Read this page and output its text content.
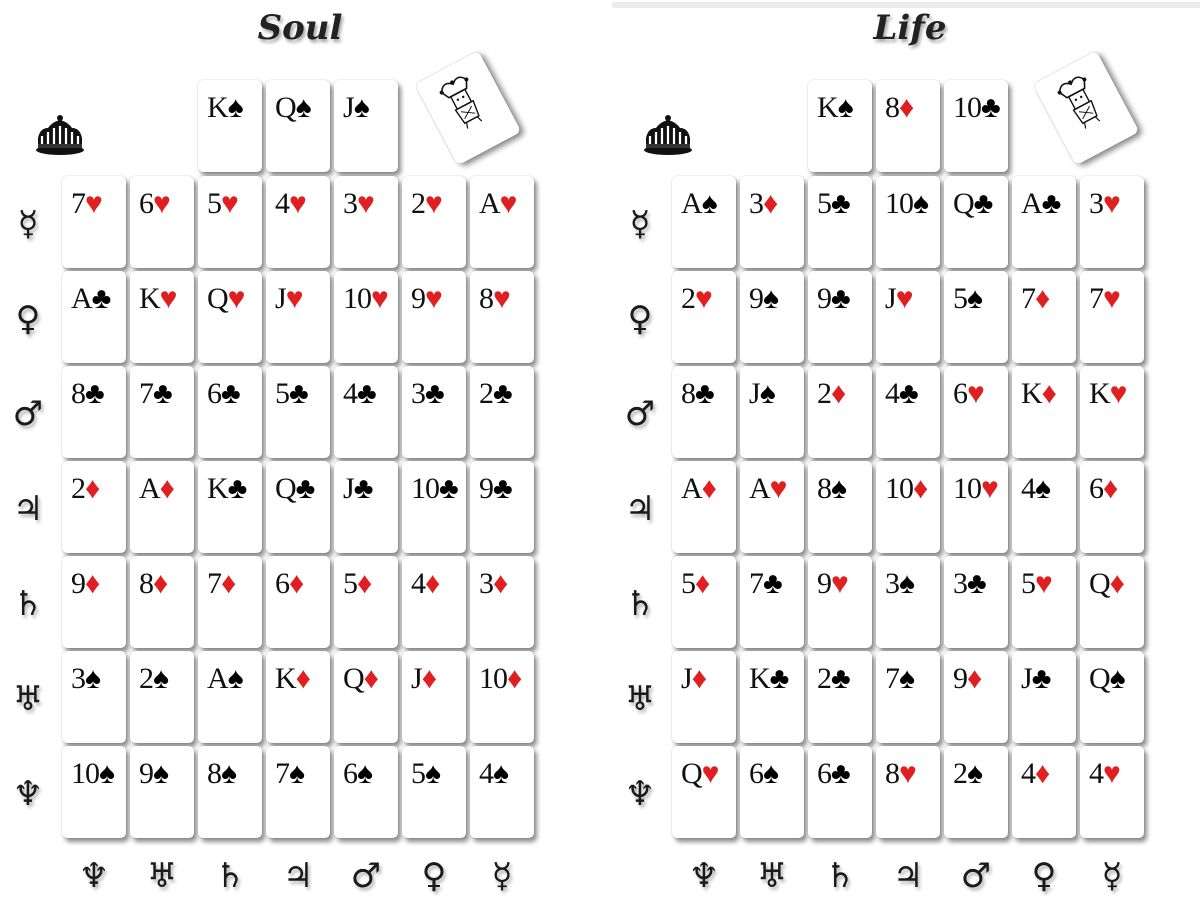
Soul
K♠	Q♠	J♠
7♥	6♥	5♥	4♥	3♥	2♥	A♥
A♣ K♥	Q♥	J♥	10♥ 9♥	8♥
8♣	7♣	6♣	5♣	4♣	3♣	2♣
2♦	A♦	K♣ Q♣ J♣	10♣ 9♣
9♦	8♦	7♦	6♦	5♦	4♦	3♦
3♠	2♠	A♠	K♦	Q♦	J♦	10♦
10♠ 9♠	8♠	7♠	6♠	5♠	4♠
☿
♀
♂
♃
♄
♅
♆
♆ ♅ ♄ ♃ ♂ ♀ ☿
Life
K♠	8♦	10♣
A♠	3♦	5♣	10♠ Q♣ A♣ 3♥
2♥	9♠	9♣	J♥	5♠	7♦	7♥
8♣	J♠	2♦	4♣	6♥	K♦	K♥
A♦	A♥	8♠	10♦ 10♥ 4♠	6♦
5♦	7♣	9♥	3♠	3♣	5♥	Q♦
J♦	K♣ 2♣	7♠	9♦	J♣	Q♠
Q♥	6♠	6♣	8♥	2♠	4♦	4♥
☿
♀
♂
♃
♄
♅
♆
♆ ♅ ♄ ♃ ♂ ♀ ☿
